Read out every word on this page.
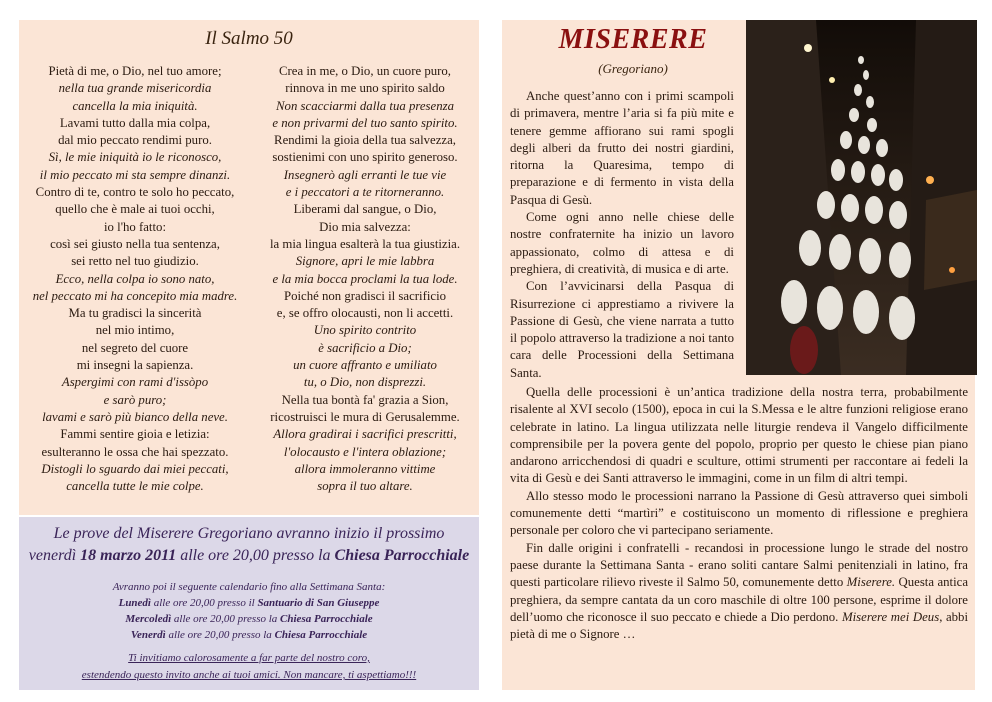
Il Salmo 50
Pietà di me, o Dio, nel tuo amore;
nella tua grande misericordia
cancella la mia iniquità.
Lavami tutto dalla mia colpa,
dal mio peccato rendimi puro.
Sì, le mie iniquità io le riconosco,
il mio peccato mi sta sempre dinanzi.
Contro di te, contro te solo ho peccato,
quello che è male ai tuoi occhi,
io l'ho fatto:
così sei giusto nella tua sentenza,
sei retto nel tuo giudizio.
Ecco, nella colpa io sono nato,
nel peccato mi ha concepito mia madre.
Ma tu gradisci la sincerità
nel mio intimo,
nel segreto del cuore
mi insegni la sapienza.
Aspergimi con rami d'issòpo
e sarò puro;
lavami e sarò più bianco della neve.
Fammi sentire gioia e letizia:
esulteranno le ossa che hai spezzato.
Distogli lo sguardo dai miei peccati,
cancella tutte le mie colpe.
Crea in me, o Dio, un cuore puro,
rinnova in me uno spirito saldo
Non scacciarmi dalla tua presenza
e non privarmi del tuo santo spirito.
Rendimi la gioia della tua salvezza,
sostienimi con uno spirito generoso.
Insegnerò agli erranti le tue vie
e i peccatori a te ritorneranno.
Liberami dal sangue, o Dio,
Dio mia salvezza:
la mia lingua esalterà la tua giustizia.
Signore, apri le mie labbra
e la mia bocca proclami la tua lode.
Poiché non gradisci il sacrificio
e, se offro olocausti, non li accetti.
Uno spirito contrito
è sacrificio a Dio;
un cuore affranto e umiliato
tu, o Dio, non disprezzi.
Nella tua bontà fa' grazia a Sion,
ricostruisci le mura di Gerusalemme.
Allora gradirai i sacrifici prescritti,
l'olocausto e l'intera oblazione;
allora immoleranno vittime
sopra il tuo altare.
Le prove del Miserere Gregoriano avranno inizio il prossimo
venerdì 18 marzo 2011 alle ore 20,00 presso la Chiesa Parrocchiale
Avranno poi il seguente calendario fino alla Settimana Santa:
Lunedì alle ore 20,00 presso il Santuario di San Giuseppe
Mercoledì alle ore 20,00 presso la Chiesa Parrocchiale
Venerdì alle ore 20,00 presso la Chiesa Parrocchiale
Ti invitiamo calorosamente a far parte del nostro coro,
estendendo questo invito anche ai tuoi amici. Non mancare, ti aspettiamo!!!
MISERERE
(Gregoriano)

Anche quest’anno con i primi scampoli di primavera, mentre l’aria si fa più mite e tenere gemme affiorano sui rami spogli degli alberi da frutto dei nostri giardini, ritorna la Quaresima, tempo di preparazione e di fermento in vista della Pasqua di Gesù.

Come ogni anno nelle chiese delle nostre confraternite ha inizio un lavoro appassionato, colmo di attesa e di preghiera, di creatività, di musica e di arte.

Con l’avvicinarsi della Pasqua di Risurrezione ci apprestiamo a rivivere la Passione di Gesù, che viene narrata a tutto il popolo attraverso la tradizione a noi tanto cara delle Processioni della Settimana Santa.

Quella delle processioni è un’antica tradizione della nostra terra, probabilmente risalente al XVI secolo (1500), epoca in cui la S.Messa e le altre funzioni religiose erano celebrate in latino. La lingua utilizzata nelle liturgie rendeva il Vangelo difficilmente comprensibile per la povera gente del popolo, proprio per questo le chiese pian piano andarono arricchendosi di quadri e sculture, ottimi strumenti per raccontare ai fedeli la vita di Gesù e dei Santi attraverso le immagini, come in un film di altri tempi.

Allo stesso modo le processioni narrano la Passione di Gesù attraverso quei simboli comunemente detti “martìri” e costituiscono un momento di riflessione e preghiera personale per coloro che vi partecipano seriamente.

Fin dalle origini i confratelli - recandosi in processione lungo le strade del nostro paese durante la Settimana Santa - erano soliti cantare Salmi penitenziali in latino, fra questi particolare rilievo riveste il Salmo 50, comunemente detto Miserere. Questa antica preghiera, da sempre cantata da un coro maschile di oltre 100 persone, esprime il dolore dell’uomo che riconosce il suo peccato e chiede a Dio perdono. Miserere mei Deus, abbi pietà di me o Signore …
